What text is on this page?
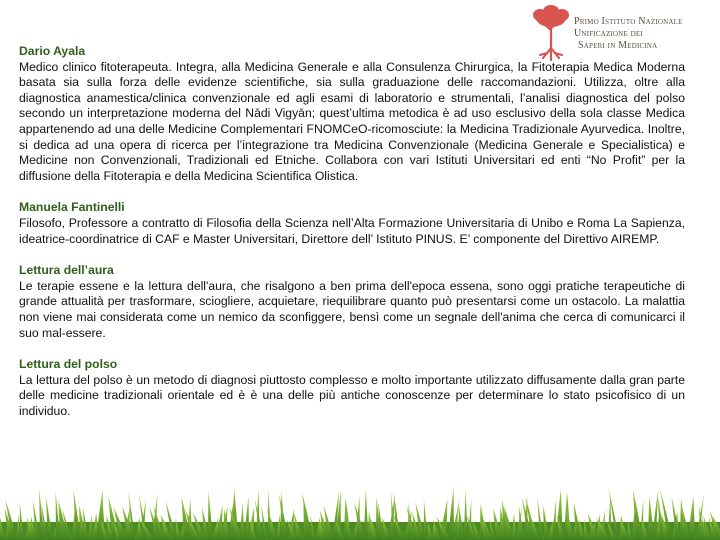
Primo Istituto Nazionale
Unificazione dei
Saperi in Medicina
Dario Ayala
Medico clinico fitoterapeuta. Integra, alla Medicina Generale e alla Consulenza Chirurgica, la Fitoterapia Medica Moderna basata sia sulla forza delle evidenze scientifiche, sia sulla graduazione delle raccomandazioni. Utilizza, oltre alla diagnostica anamestica/clinica convenzionale ed agli esami di laboratorio e strumentali, l’analisi diagnostica del polso secondo un interpretazione moderna del Nādi Vigyān; quest’ultima metodica è ad uso esclusivo della sola classe Medica appartenendo ad una delle Medicine Complementari FNOMCeO-ricomosciute: la Medicina Tradizionale Ayurvedica. Inoltre, si dedica ad una opera di ricerca per l’integrazione tra Medicina Convenzionale (Medicina Generale e Specialistica) e Medicine non Convenzionali, Tradizionali ed Etniche. Collabora con vari Istituti Universitari ed enti “No Profit” per la diffusione della Fitoterapia e della Medicina Scientifica Olistica.
Manuela Fantinelli
Filosofo, Professore a contratto di Filosofia della Scienza nell’Alta Formazione Universitaria di Unibo e Roma La Sapienza, ideatrice-coordinatrice di CAF e Master Universitari, Direttore dell’ Istituto PINUS. E’ componente del Direttivo AIREMP.
Lettura dell’aura
Le terapie essene e la lettura dell'aura, che risalgono a ben prima dell'epoca essena, sono oggi pratiche terapeutiche di grande attualità per trasformare, sciogliere, acquietare, riequilibrare quanto può presentarsi come un ostacolo. La malattia non viene mai considerata come un nemico da sconfiggere, bensì come un segnale dell'anima che cerca di comunicarci il suo mal-essere.
Lettura del polso
La lettura del polso è un metodo di diagnosi piuttosto complesso e molto importante utilizzato diffusamente dalla gran parte delle medicine tradizionali orientale ed è è una delle più antiche conoscenze per determinare lo stato psicofisico di un individuo.
